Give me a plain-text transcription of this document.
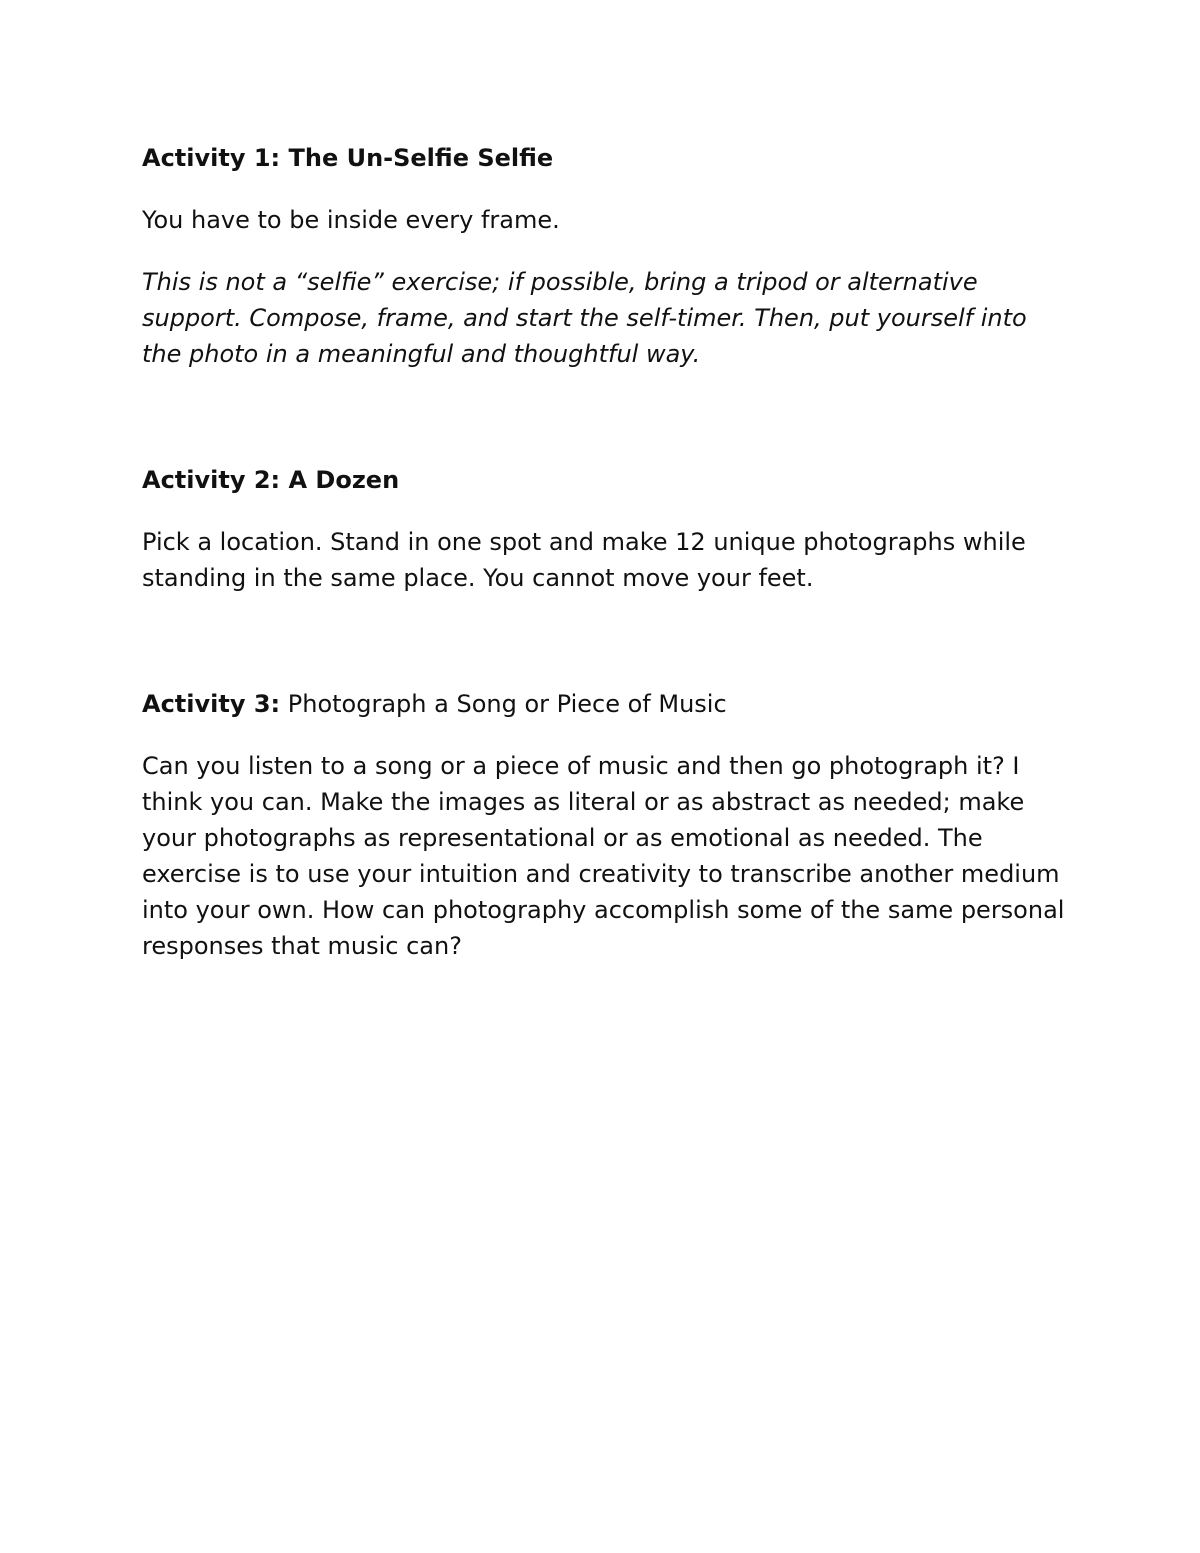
Activity 1: The Un-Selfie Selfie

You have to be inside every frame.

This is not a “selfie” exercise; if possible, bring a tripod or alternative support. Compose, frame, and start the self-timer. Then, put yourself into the photo in a meaningful and thoughtful way.

Activity 2: A Dozen

Pick a location. Stand in one spot and make 12 unique photographs while standing in the same place. You cannot move your feet.

Activity 3: Photograph a Song or Piece of Music

Can you listen to a song or a piece of music and then go photograph it? I think you can. Make the images as literal or as abstract as needed; make your photographs as representational or as emotional as needed. The exercise is to use your intuition and creativity to transcribe another medium into your own. How can photography accomplish some of the same personal responses that music can?
